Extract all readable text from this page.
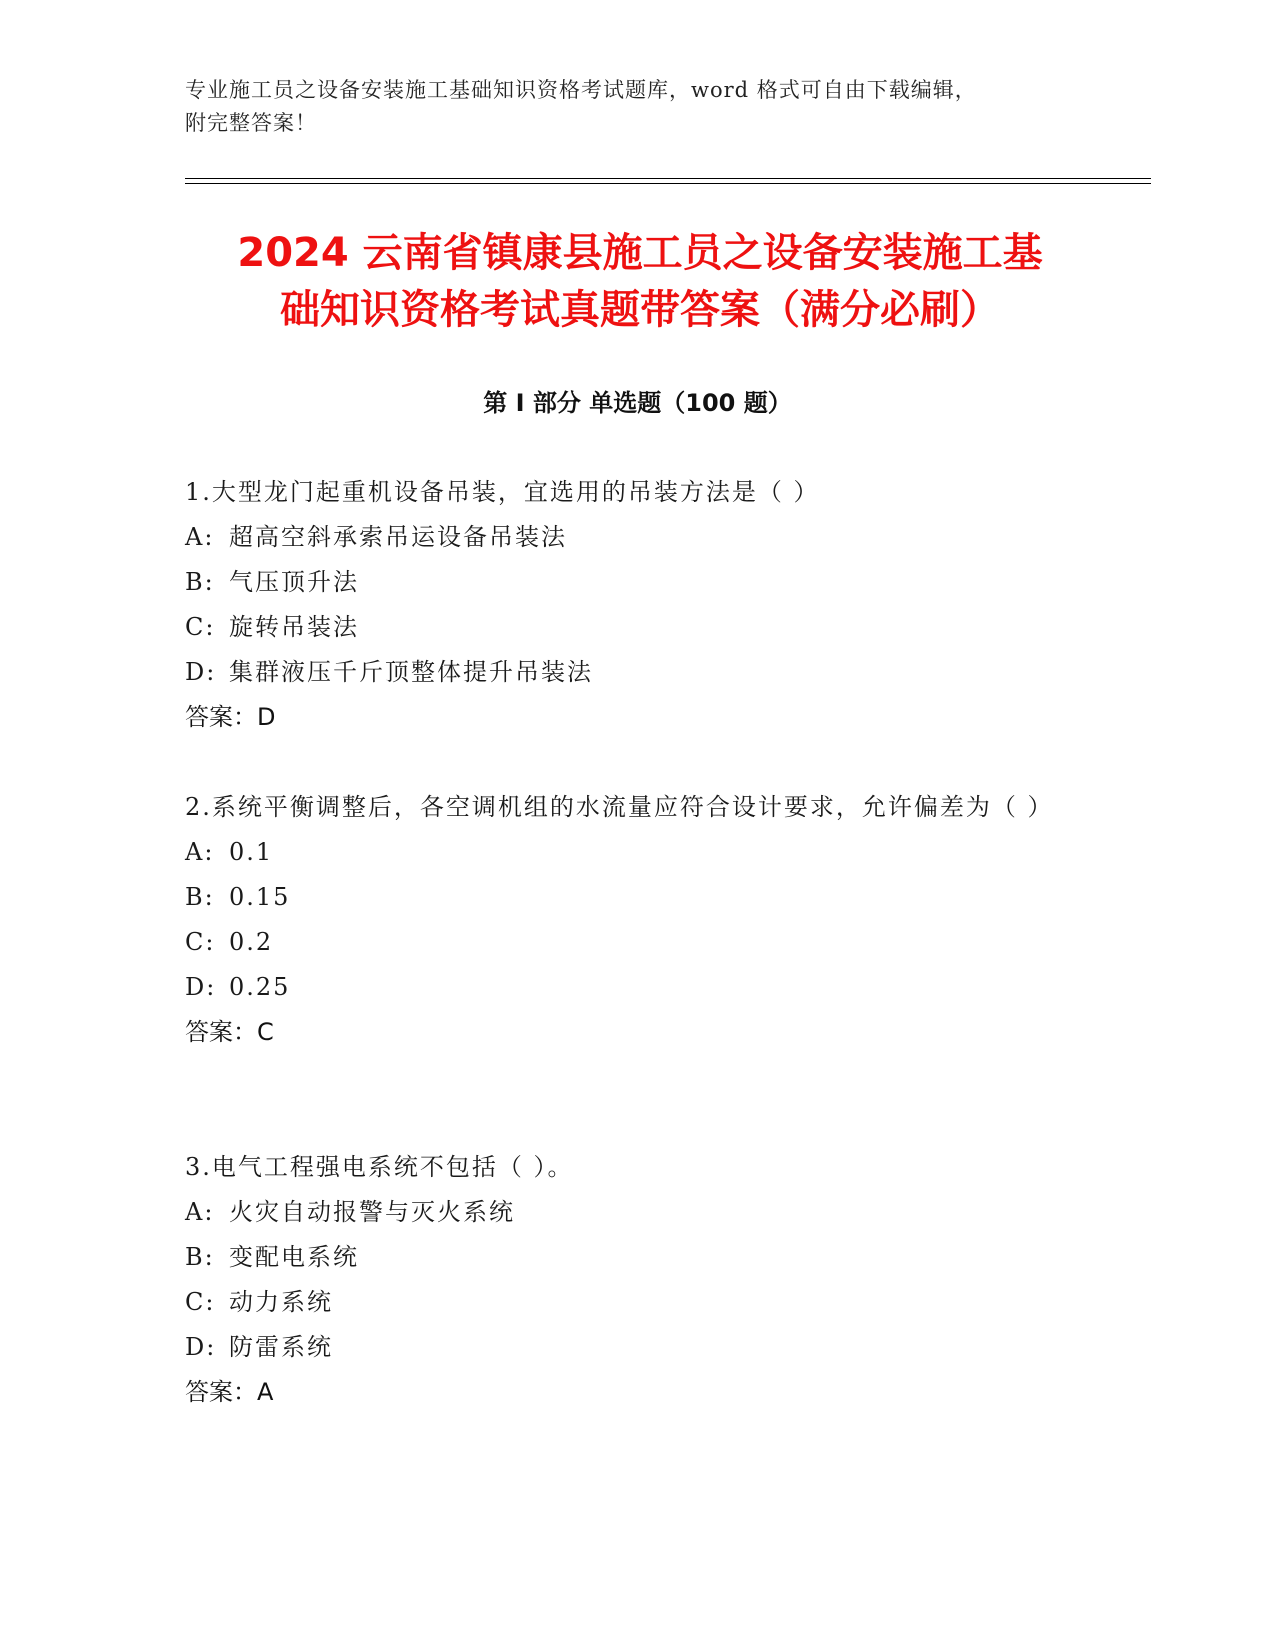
专业施工员之设备安装施工基础知识资格考试题库，word 格式可自由下载编辑，
附完整答案！
2024 云南省镇康县施工员之设备安装施工基
础知识资格考试真题带答案（满分必刷）
第 I 部分 单选题（100 题）

1.大型龙门起重机设备吊装，宜选用的吊装方法是（ ）

A: 超高空斜承索吊运设备吊装法

B: 气压顶升法

C: 旋转吊装法

D: 集群液压千斤顶整体提升吊装法

答案：D

2.系统平衡调整后，各空调机组的水流量应符合设计要求，允许偏差为（ ）

A: 0.1

B: 0.15

C: 0.2

D: 0.25

答案：C

3.电气工程强电系统不包括（ ）。

A: 火灾自动报警与灭火系统

B: 变配电系统

C: 动力系统

D: 防雷系统

答案：A
